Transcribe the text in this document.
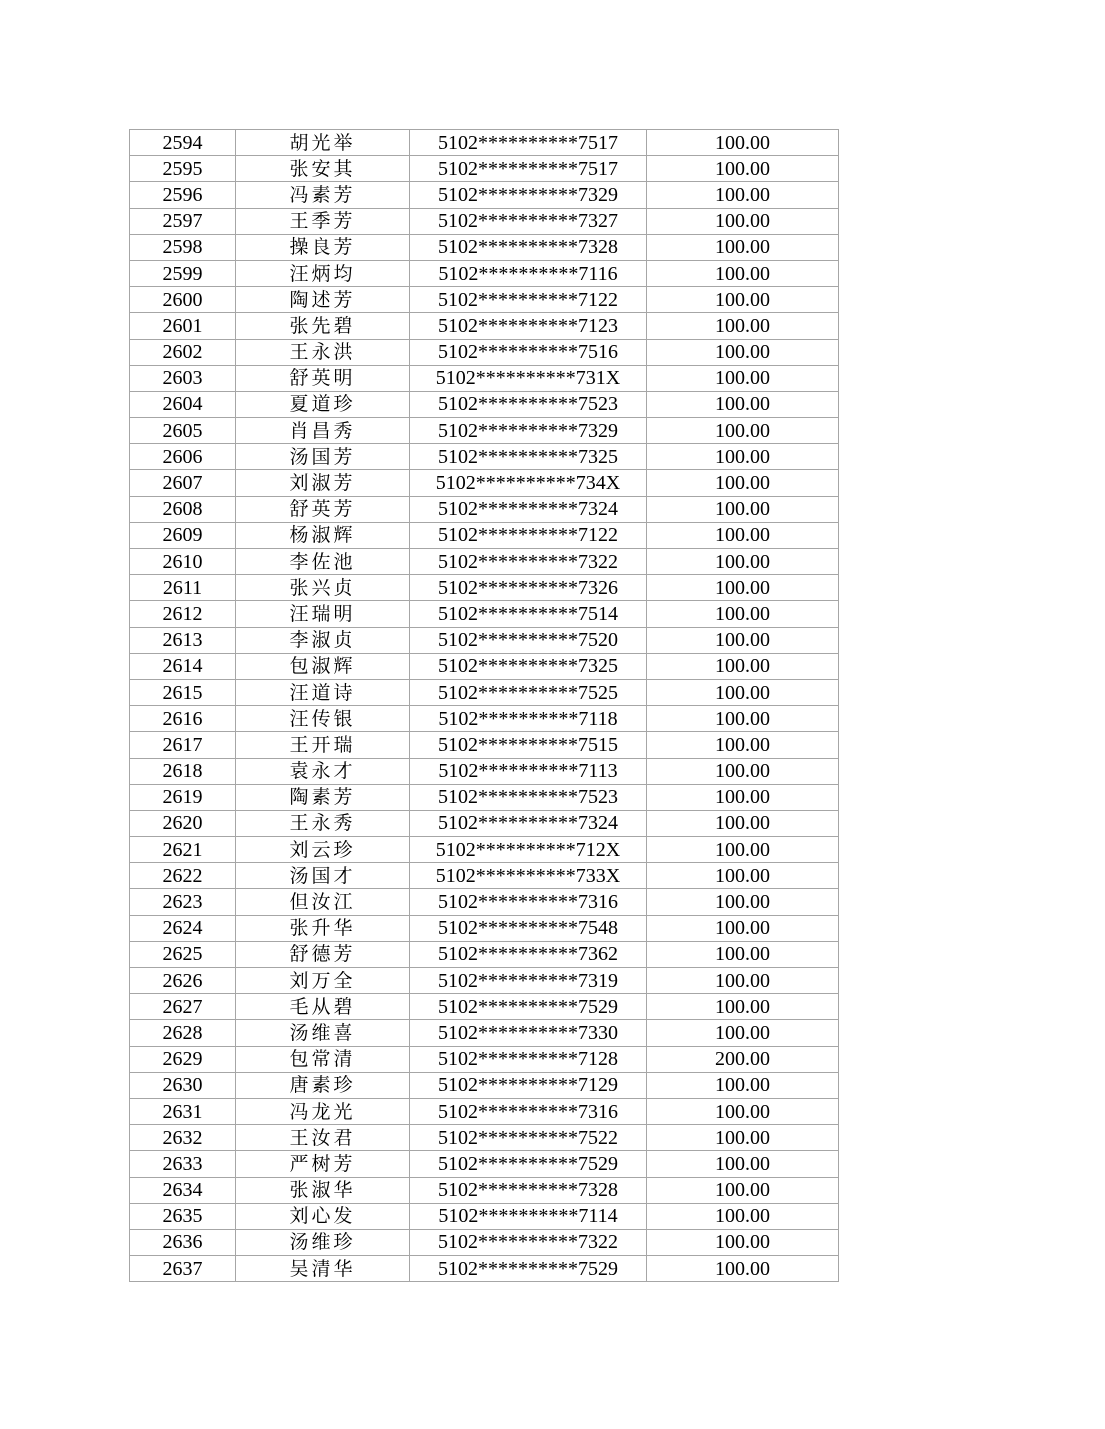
2594	胡光举	5102**********7517	100.00
2595	张安其	5102**********7517	100.00
2596	冯素芳	5102**********7329	100.00
2597	王季芳	5102**********7327	100.00
2598	操良芳	5102**********7328	100.00
2599	汪炳均	5102**********7116	100.00
2600	陶述芳	5102**********7122	100.00
2601	张先碧	5102**********7123	100.00
2602	王永洪	5102**********7516	100.00
2603	舒英明	5102**********731X	100.00
2604	夏道珍	5102**********7523	100.00
2605	肖昌秀	5102**********7329	100.00
2606	汤国芳	5102**********7325	100.00
2607	刘淑芳	5102**********734X	100.00
2608	舒英芳	5102**********7324	100.00
2609	杨淑辉	5102**********7122	100.00
2610	李佐池	5102**********7322	100.00
2611	张兴贞	5102**********7326	100.00
2612	汪瑞明	5102**********7514	100.00
2613	李淑贞	5102**********7520	100.00
2614	包淑辉	5102**********7325	100.00
2615	汪道诗	5102**********7525	100.00
2616	汪传银	5102**********7118	100.00
2617	王开瑞	5102**********7515	100.00
2618	袁永才	5102**********7113	100.00
2619	陶素芳	5102**********7523	100.00
2620	王永秀	5102**********7324	100.00
2621	刘云珍	5102**********712X	100.00
2622	汤国才	5102**********733X	100.00
2623	但汝江	5102**********7316	100.00
2624	张升华	5102**********7548	100.00
2625	舒德芳	5102**********7362	100.00
2626	刘万全	5102**********7319	100.00
2627	毛从碧	5102**********7529	100.00
2628	汤维喜	5102**********7330	100.00
2629	包常清	5102**********7128	200.00
2630	唐素珍	5102**********7129	100.00
2631	冯龙光	5102**********7316	100.00
2632	王汝君	5102**********7522	100.00
2633	严树芳	5102**********7529	100.00
2634	张淑华	5102**********7328	100.00
2635	刘心发	5102**********7114	100.00
2636	汤维珍	5102**********7322	100.00
2637	吴清华	5102**********7529	100.00
